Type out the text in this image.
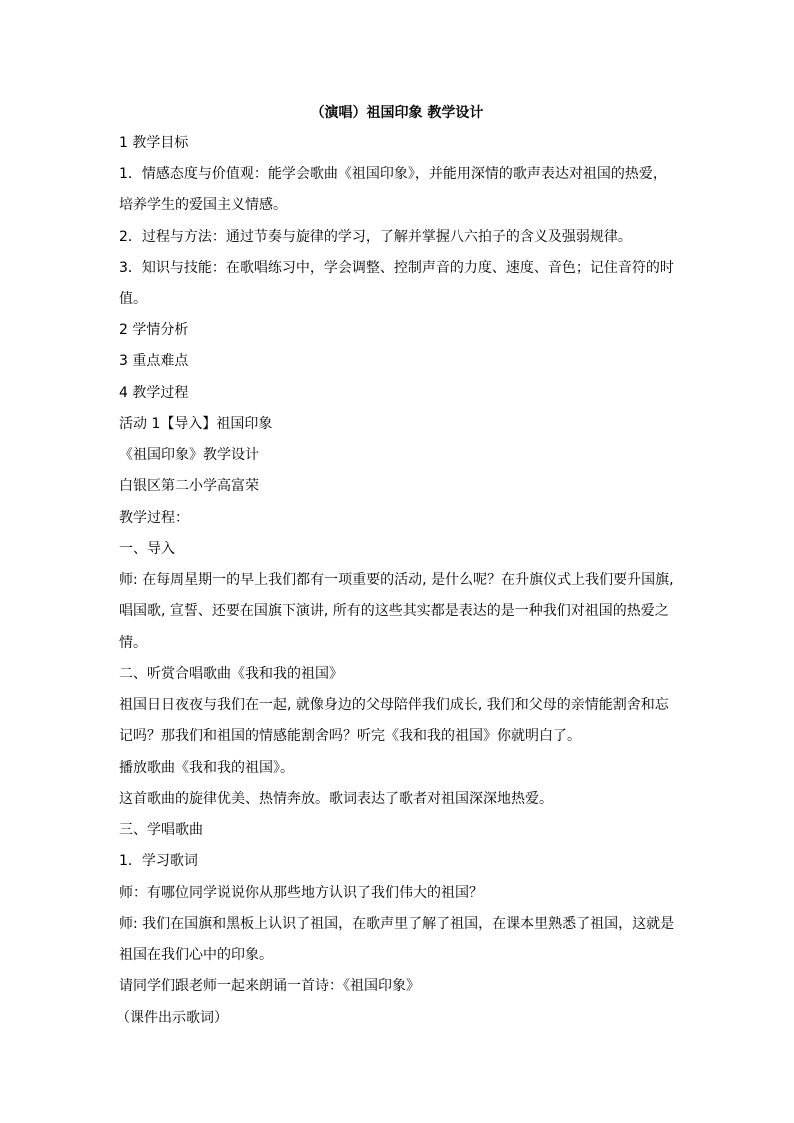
（演唱）祖国印象 教学设计
1 教学目标
1．情感态度与价值观：能学会歌曲《祖国印象》，并能用深情的歌声表达对祖国的热爱，
培养学生的爱国主义情感。
2．过程与方法：通过节奏与旋律的学习，了解并掌握八六拍子的含义及强弱规律。
3．知识与技能：在歌唱练习中，学会调整、控制声音的力度、速度、音色；记住音符的时
值。
2 学情分析
3 重点难点
4 教学过程
活动 1【导入】祖国印象
《祖国印象》教学设计
白银区第二小学高富荣
教学过程：
一、导入
师: 在每周星期一的早上我们都有一项重要的活动, 是什么呢？在升旗仪式上我们要升国旗,
唱国歌, 宣誓、还要在国旗下演讲, 所有的这些其实都是表达的是一种我们对祖国的热爱之
情。
二、听赏合唱歌曲《我和我的祖国》
祖国日日夜夜与我们在一起, 就像身边的父母陪伴我们成长, 我们和父母的亲情能割舍和忘
记吗？那我们和祖国的情感能割舍吗？听完《我和我的祖国》你就明白了。
播放歌曲《我和我的祖国》。
这首歌曲的旋律优美、热情奔放。歌词表达了歌者对祖国深深地热爱。
三、学唱歌曲
1．学习歌词
师：有哪位同学说说你从那些地方认识了我们伟大的祖国？
师: 我们在国旗和黑板上认识了祖国，在歌声里了解了祖国，在课本里熟悉了祖国，这就是
祖国在我们心中的印象。
请同学们跟老师一起来朗诵一首诗：《祖国印象》
（课件出示歌词）
